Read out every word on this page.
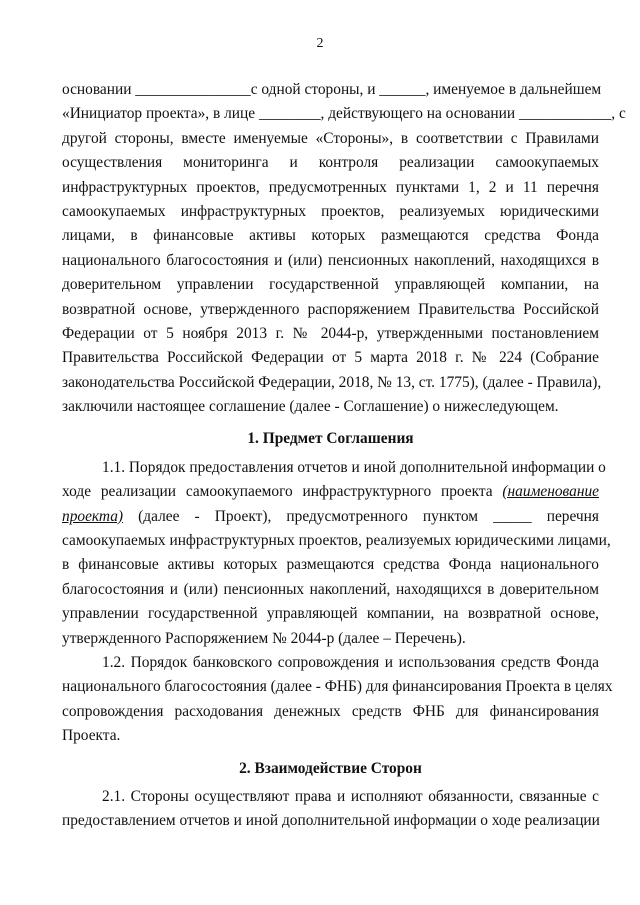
2
основании _______________с одной стороны, и ______, именуемое в дальнейшем
«Инициатор проекта», в лице ________, действующего на основании ____________, с
другой стороны, вместе именуемые «Стороны», в соответствии с Правилами
осуществления мониторинга и контроля реализации самоокупаемых
инфраструктурных проектов, предусмотренных пунктами 1, 2 и 11 перечня
самоокупаемых инфраструктурных проектов, реализуемых юридическими
лицами, в финансовые активы которых размещаются средства Фонда
национального благосостояния и (или) пенсионных накоплений, находящихся в
доверительном управлении государственной управляющей компании, на
возвратной основе, утвержденного распоряжением Правительства Российской
Федерации от 5 ноября 2013 г. № 2044-р, утвержденными постановлением
Правительства Российской Федерации от 5 марта 2018 г. № 224 (Собрание
законодательства Российской Федерации, 2018, № 13, ст. 1775), (далее - Правила),
заключили настоящее соглашение (далее - Соглашение) о нижеследующем.
1. Предмет Соглашения
1.1. Порядок предоставления отчетов и иной дополнительной информации о
ходе реализации самоокупаемого инфраструктурного проекта (наименование
проекта) (далее - Проект), предусмотренного пунктом _____ перечня
самоокупаемых инфраструктурных проектов, реализуемых юридическими лицами,
в финансовые активы которых размещаются средства Фонда национального
благосостояния и (или) пенсионных накоплений, находящихся в доверительном
управлении государственной управляющей компании, на возвратной основе,
утвержденного Распоряжением № 2044-р (далее – Перечень).
1.2. Порядок банковского сопровождения и использования средств Фонда
национального благосостояния (далее - ФНБ) для финансирования Проекта в целях
сопровождения расходования денежных средств ФНБ для финансирования
Проекта.
2. Взаимодействие Сторон
2.1. Стороны осуществляют права и исполняют обязанности, связанные с
предоставлением отчетов и иной дополнительной информации о ходе реализации
